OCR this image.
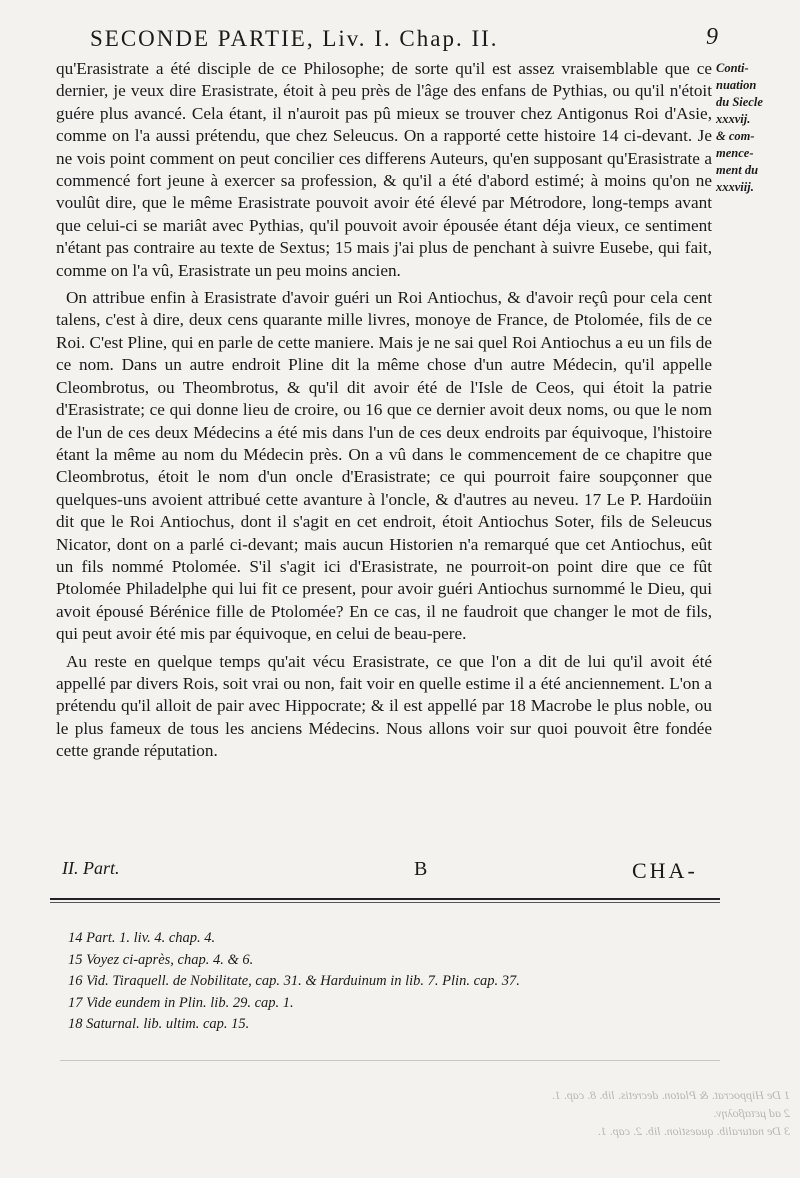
SECONDE PARTIE, Liv. I. Chap. II.	9
Conti-
nuation
du Siecle
xxxvij.
& com-
mence-
ment du
xxxviij.

qu'Erasistrate a été disciple de ce Philosophe; de sorte qu'il est assez vraisemblable que ce dernier, je veux dire Erasistrate, étoit à peu près de l'âge des enfans de Pythias, ou qu'il n'étoit guére plus avancé. Cela étant, il n'auroit pas pû mieux se trouver chez Antigonus Roi d'Asie, comme on l'a aussi prétendu, que chez Seleucus. On a rapporté cette histoire 14 ci-devant. Je ne vois point comment on peut concilier ces differens Auteurs, qu'en supposant qu'Erasistrate a commencé fort jeune à exercer sa profession, & qu'il a été d'abord estimé; à moins qu'on ne voulût dire, que le même Erasistrate pouvoit avoir été élevé par Métrodore, long-temps avant que celui-ci se mariât avec Pythias, qu'il pouvoit avoir épousée étant déja vieux, ce sentiment n'étant pas contraire au texte de Sextus; 15 mais j'ai plus de penchant à suivre Eusebe, qui fait, comme on l'a vû, Erasistrate un peu moins ancien.

On attribue enfin à Erasistrate d'avoir guéri un Roi Antiochus, & d'avoir reçû pour cela cent talens, c'est à dire, deux cens quarante mille livres, monoye de France, de Ptolomée, fils de ce Roi. C'est Pline, qui en parle de cette maniere. Mais je ne sai quel Roi Antiochus a eu un fils de ce nom. Dans un autre endroit Pline dit la même chose d'un autre Médecin, qu'il appelle Cleombrotus, ou Theombrotus, & qu'il dit avoir été de l'Isle de Ceos, qui étoit la patrie d'Erasistrate; ce qui donne lieu de croire, ou 16 que ce dernier avoit deux noms, ou que le nom de l'un de ces deux Médecins a été mis dans l'un de ces deux endroits par équivoque, l'histoire étant la même au nom du Médecin près. On a vû dans le commencement de ce chapitre que Cleombrotus, étoit le nom d'un oncle d'Erasistrate; ce qui pourroit faire soupçonner que quelques-uns avoient attribué cette avanture à l'oncle, & d'autres au neveu. 17 Le P. Hardoüin dit que le Roi Antiochus, dont il s'agit en cet endroit, étoit Antiochus Soter, fils de Seleucus Nicator, dont on a parlé ci-devant; mais aucun Historien n'a remarqué que cet Antiochus, eût un fils nommé Ptolomée. S'il s'agit ici d'Erasistrate, ne pourroit-on point dire que ce fût Ptolomée Philadelphe qui lui fit ce present, pour avoir guéri Antiochus surnommé le Dieu, qui avoit épousé Bérénice fille de Ptolomée? En ce cas, il ne faudroit que changer le mot de fils, qui peut avoir été mis par équivoque, en celui de beau-pere.

Au reste en quelque temps qu'ait vécu Erasistrate, ce que l'on a dit de lui qu'il avoit été appellé par divers Rois, soit vrai ou non, fait voir en quelle estime il a été anciennement. L'on a prétendu qu'il alloit de pair avec Hippocrate; & il est appellé par 18 Macrobe le plus noble, ou le plus fameux de tous les anciens Médecins. Nous allons voir sur quoi pouvoit être fondée cette grande réputation.

II. Part.	B	CHA-
14 Part. 1. liv. 4. chap. 4.
15 Voyez ci-après, chap. 4. & 6.
16 Vid. Tiraquell. de Nobilitate, cap. 31. & Harduinum in lib. 7. Plin. cap. 37.
17 Vide eundem in Plin. lib. 29. cap. 1.
18 Saturnal. lib. ultim. cap. 15.
1 De Hippocrat. & Platon. decretis. lib. 8. cap. 1.
2 ad μεταβολην.
3 De naturalib. quaestion. lib. 2. cap. 1.
